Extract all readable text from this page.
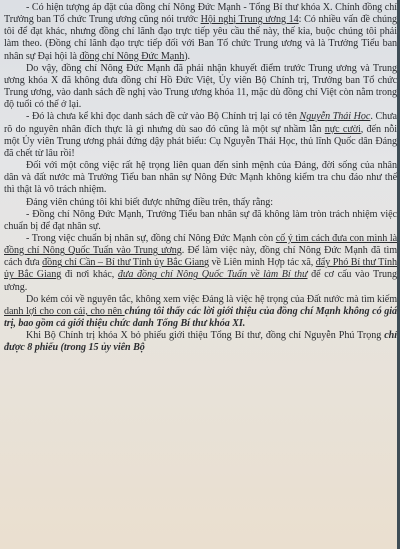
- Có hiện tượng áp đặt của đồng chí Nông Đức Mạnh - Tổng Bí thư khóa X. Chính đồng chí Trưởng ban Tổ chức Trung ương cũng nói trước Hội nghị Trung ương 14: Có nhiều vấn đề chúng tôi để đạt khác, nhưng đồng chí lãnh đạo trực tiếp yêu cầu thế này, thế kia, buộc chúng tôi phải làm theo. (Đồng chí lãnh đạo trực tiếp đối với Ban Tổ chức Trung ương và là Trưởng Tiểu ban nhân sự Đại hội là đồng chí Nông Đức Mạnh).

Do vậy, đồng chí Nông Đức Mạnh đã phải nhận khuyết điểm trước Trung ương và Trung ương khóa X đã không đưa đồng chí Hồ Đức Việt, Ủy viên Bộ Chính trị, Trưởng ban Tổ chức Trung ương, vào danh sách đề nghị vào Trung ương khóa 11, mặc dù đồng chí Việt còn nằm trong độ tuổi có thể ở lại.

- Đó là chưa kể khi đọc danh sách đề cử vào Bộ Chính trị lại có tên Nguyễn Thái Học. Chưa rõ do nguyên nhân đích thực là gì nhưng dù sao đó cũng là một sự nhầm lẫn nực cười, đến nỗi một Ủy viên Trung ương phải đứng dậy phát biểu: Cụ Nguyễn Thái Học, thủ lĩnh Quốc dân Đảng đã chết từ lâu rồi!

Đối với một công việc rất hệ trọng liên quan đến sinh mệnh của Đảng, đời sống của nhân dân và đất nước mà Trưởng Tiểu ban nhân sự Nông Đức Mạnh không kiểm tra chu đáo như thế thì thật là vô trách nhiệm.

Đảng viên chúng tôi khi biết được những điều trên, thấy rằng:

- Đồng chí Nông Đức Mạnh, Trưởng Tiểu ban nhân sự đã không làm tròn trách nhiệm việc chuẩn bị để đạt nhân sự.

- Trong việc chuẩn bị nhân sự, đồng chí Nông Đức Mạnh còn cố ý tìm cách đưa con mình là đồng chí Nông Quốc Tuấn vào Trung ương. Để làm việc này, đồng chí Nông Đức Mạnh đã tìm cách đưa đồng chí Cần – Bí thư Tỉnh ủy Bắc Giang về Liên minh Hợp tác xã, đẩy Phó Bí thư Tỉnh ủy Bắc Giang đi nơi khác, đưa đồng chí Nông Quốc Tuấn về làm Bí thư để cơ cấu vào Trung ương.

Do kém cỏi về nguyên tắc, không xem việc Đảng là việc hệ trọng của Đất nước mà tìm kiếm danh lợi cho con cái, cho nên chúng tôi thấy các lời giới thiệu của đồng chí Mạnh không có giá trị, bao gồm cả giới thiệu chức danh Tổng Bí thư khóa XI.

Khi Bộ Chính trị khóa X bỏ phiếu giới thiệu Tổng Bí thư, đồng chí Nguyễn Phú Trọng chỉ được 8 phiếu (trong 15 ủy viên Bộ
